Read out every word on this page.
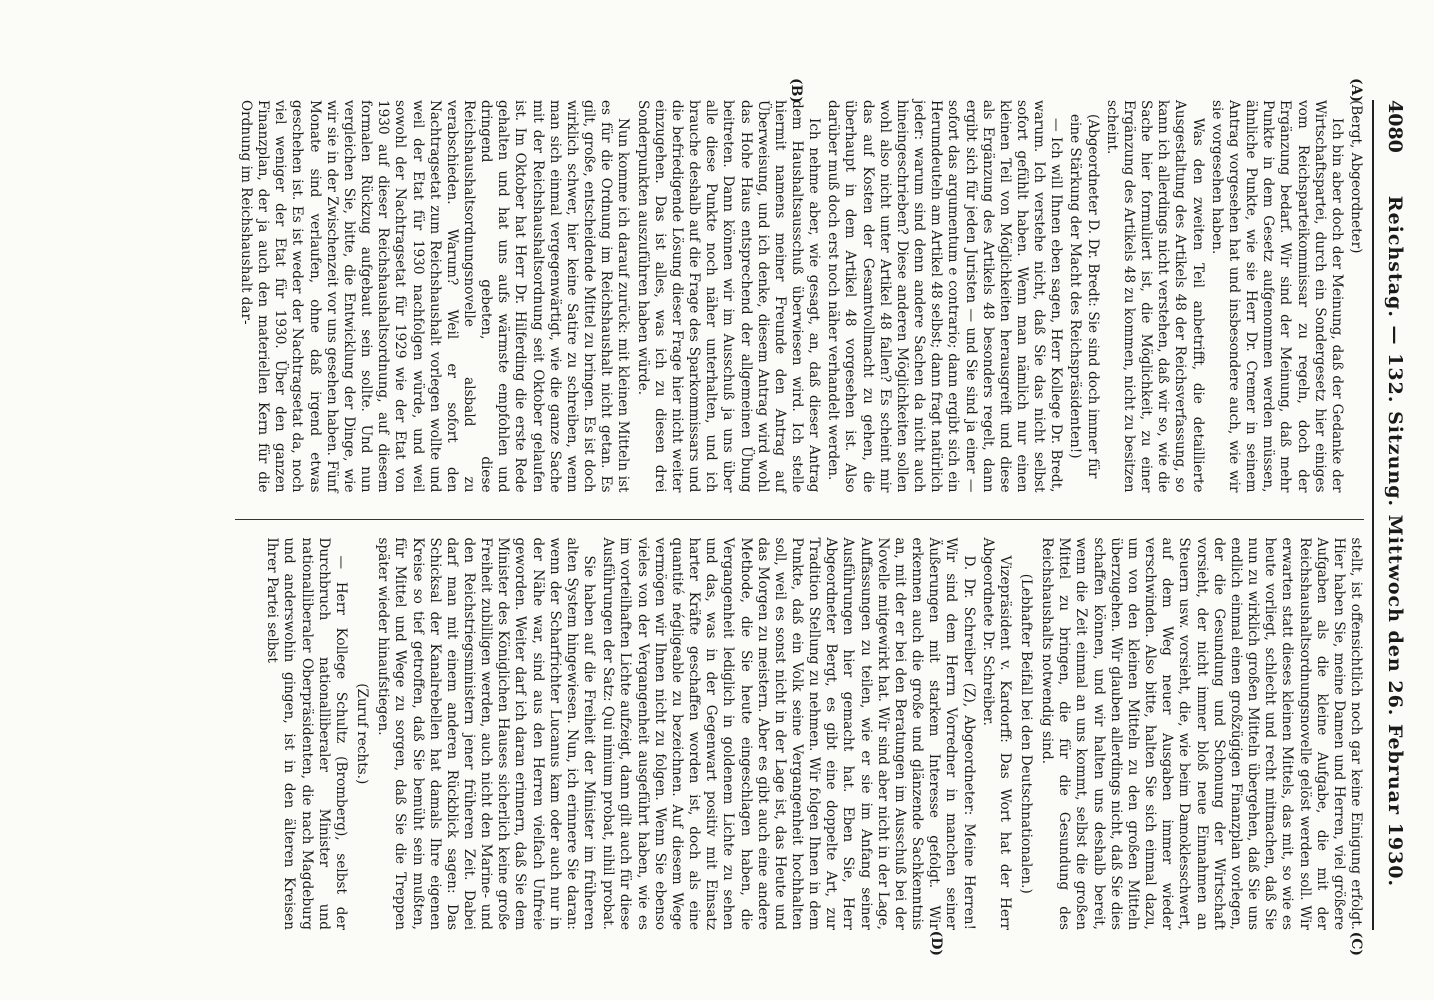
4080
Reichstag. — 132. Sitzung. Mittwoch den 26. Februar 1930.
(A)
(B)

(Bergt, Abgeordneter)

Ich bin aber doch der Meinung, daß der Gedanke der Wirtschaftspartei, durch ein Sondergesetz hier einiges vom Reichsparteikommissar zu regeln, doch der Ergänzung bedarf. Wir sind der Meinung, daß mehr Punkte in dem Gesetz aufgenommen werden müssen, ähnliche Punkte, wie sie Herr Dr. Cremer in seinem Antrag vorgesehen hat und insbesondere auch, wie wir sie vorgesehen haben.

Was den zweiten Teil anbetrifft, die detaillierte Ausgestaltung des Artikels 48 der Reichsverfassung, so kann ich allerdings nicht verstehen, daß wir so, wie die Sache hier formuliert ist, die Möglichkeit, zu einer Ergänzung des Artikels 48 zu kommen, nicht zu besitzen scheint.

(Abgeordneter D. Dr. Bredt: Sie sind doch immer für eine Stärkung der Macht des Reichspräsidenten!)

— Ich will Ihnen eben sagen, Herr Kollege Dr. Bredt, warum. Ich verstehe nicht, daß Sie das nicht selbst sofort gefühlt haben. Wenn man nämlich nur einen kleinen Teil von Möglichkeiten herausgreift und diese als Ergänzung des Artikels 48 besonders regelt, dann ergibt sich für jeden Juristen — und Sie sind ja einer — sofort das argumentum e contrario; dann ergibt sich ein Herumdeuteln am Artikel 48 selbst; dann fragt natürlich jeder: warum sind denn andere Sachen da nicht auch hineingeschrieben? Diese anderen Möglichkeiten sollen wohl also nicht unter Artikel 48 fallen? Es scheint mir das auf Kosten der Gesamtvollmacht zu gehen, die überhaupt in dem Artikel 48 vorgesehen ist. Also darüber muß doch erst noch näher verhandelt werden.

Ich nehme aber, wie gesagt, an, daß dieser Antrag dem Haushaltsausschuß überwiesen wird. Ich stelle hiermit namens meiner Freunde den Antrag auf Überweisung, und ich denke, diesem Antrag wird wohl das Hohe Haus entsprechend der allgemeinen Übung beitreten. Dann können wir im Ausschuß ja uns über alle diese Punkte noch näher unterhalten, und ich brauche deshalb auf die Frage des Sparkommissars und die befriedigende Lösung dieser Frage hier nicht weiter einzugehen. Das ist alles, was ich zu diesen drei Sonderpunkten auszuführen haben würde.

Nun komme ich darauf zurück: mit kleinen Mitteln ist es für die Ordnung im Reichshaushalt nicht getan. Es gilt, große, entscheidende Mittel zu bringen. Es ist doch wirklich schwer, hier keine Satire zu schreiben, wenn man sich einmal vergegenwärtigt, wie die ganze Sache mit der Reichshaushaltsordnung seit Oktober gelaufen ist. Im Oktober hat Herr Dr. Hilferding die erste Rede gehalten und hat uns aufs wärmste empfohlen und dringend gebeten, diese Reichshaushaltsordnungsnovelle alsbald zu verabschieden. Warum? Weil er sofort den Nachtragsetat zum Reichshaushalt vorlegen wollte und weil der Etat für 1930 nachfolgen würde, und weil sowohl der Nachtragsetat für 1929 wie der Etat von 1930 auf dieser Reichshaushaltsordnung, auf diesem formalen Rückzug aufgebaut sein sollte. Und nun vergleichen Sie, bitte, die Entwicklung der Dinge, wie wir sie in der Zwischenzeit vor uns gesehen haben. Fünf Monate sind verlaufen, ohne daß irgend etwas geschehen ist. Es ist weder der Nachtragsetat da, noch viel weniger der Etat für 1930. Über den ganzen Finanzplan, der ja auch den materiellen Kern für die Ordnung im Reichshaushalt dar-

(C)
(D)

stellt, ist offensichtlich noch gar keine Einigung erfolgt. Hier haben Sie, meine Damen und Herren, viel größere Aufgaben als die kleine Aufgabe, die mit der Reichshaushaltsordnungsnovelle gelöst werden soll. Wir erwarten statt dieses kleinen Mittels, das mit, so wie es heute vorliegt, schlecht und recht mitmachen, daß Sie nun zu wirklich großen Mitteln übergehen, daß Sie uns endlich einmal einen großzügigen Finanzplan vorlegen, der die Gesundung und Schonung der Wirtschaft vorsieht, der nicht immer bloß neue Einnahmen an Steuern usw. vorsieht, die, wie beim Damoklesschwert, auf dem Weg neuer Ausgaben immer wieder verschwinden. Also bitte, halten Sie sich einmal dazu, um von den kleinen Mitteln zu den großen Mitteln überzugehen. Wir glauben allerdings nicht, daß Sie dies schaffen können, und wir halten uns deshalb bereit, wenn die Zeit einmal an uns kommt, selbst die großen Mittel zu bringen, die für die Gesundung des Reichshaushalts notwendig sind.

(Lebhafter Beifall bei den Deutschnationalen.)

Vizepräsident v. Kardorff: Das Wort hat der Herr Abgeordnete Dr. Schreiber.

D. Dr. Schreiber (Z), Abgeordneter: Meine Herren! Wir sind dem Herrn Vorredner in manchen seiner Äußerungen mit starkem Interesse gefolgt. Wir erkennen auch die große und glänzende Sachkenntnis an, mit der er bei den Beratungen im Ausschuß bei der Novelle mitgewirkt hat. Wir sind aber nicht in der Lage, Auffassungen zu teilen, wie er sie im Anfang seiner Ausführungen hier gemacht hat. Eben Sie, Herr Abgeordneter Bergt, es gibt eine doppelte Art, zur Tradition Stellung zu nehmen. Wir folgen Ihnen in dem Punkte, daß ein Volk seine Vergangenheit hochhalten soll, weil es sonst nicht in der Lage ist, das Heute und das Morgen zu meistern. Aber es gibt auch eine andere Methode, die Sie heute eingeschlagen haben, die Vergangenheit lediglich in goldenem Lichte zu sehen und das, was in der Gegenwart positiv mit Einsatz harter Kräfte geschaffen worden ist, doch als eine quantité négligeable zu bezeichnen. Auf diesem Wege vermögen wir Ihnen nicht zu folgen. Wenn Sie ebenso vieles von der Vergangenheit ausgeführt haben, wie es im vorteilhaften Lichte aufzeigt, dann gilt auch für diese Ausführungen der Satz: Qui nimium probat, nihil probat.

Sie haben auf die Freiheit der Minister im früheren alten System hingewiesen. Nun, ich erinnere Sie daran: wenn der Scharfrichter Lucanus kam oder auch nur in der Nähe war, sind aus den Herren vielfach Unfreie geworden. Weiter darf ich daran erinnern, daß Sie dem Minister des Königlichen Hauses sicherlich keine große Freiheit zubilligen werden, auch nicht den Marine- und den Reichstriegsministern jener früheren Zeit. Dabei darf man mit einem anderen Rückblick sagen: Das Schicksal der Kanalrebellen hat damals Ihre eigenen Kreise so tief getroffen, daß Sie bemüht sein mußten, für Mittel und Wege zu sorgen, daß Sie die Treppen später wieder hinaufstiegen.

(Zuruf rechts.)

— Herr Kollege Schultz (Bromberg), selbst der Durchbruch nationalliberaler Minister und nationalliberaler Oberpräsidenten, die nach Magdeburg und anderswohin gingen, ist in den älteren Kreisen Ihrer Partei selbst
